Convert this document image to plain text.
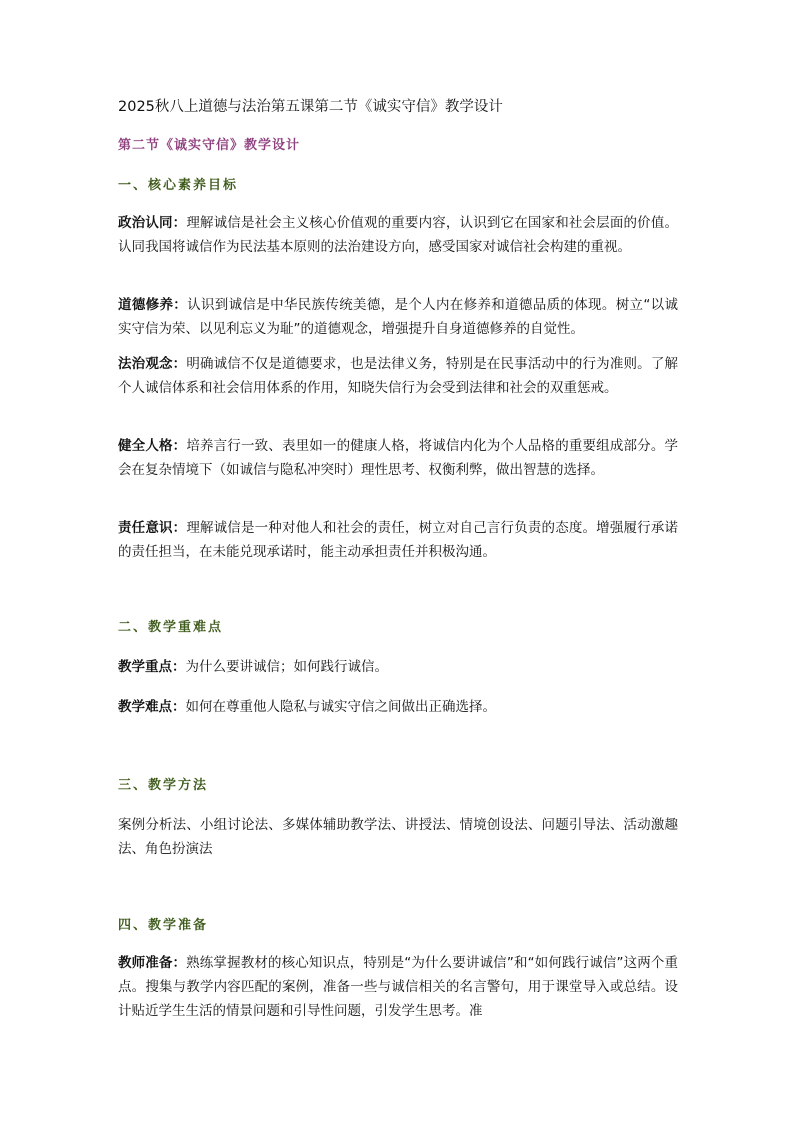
2025秋八上道德与法治第五课第二节《诚实守信》教学设计
第二节《诚实守信》教学设计
一、核心素养目标
政治认同：理解诚信是社会主义核心价值观的重要内容，认识到它在国家和社会层面的价值。认同我国将诚信作为民法基本原则的法治建设方向，感受国家对诚信社会构建的重视。
道德修养：认识到诚信是中华民族传统美德，是个人内在修养和道德品质的体现。树立“以诚实守信为荣、以见利忘义为耻”的道德观念，增强提升自身道德修养的自觉性。
法治观念：明确诚信不仅是道德要求，也是法律义务，特别是在民事活动中的行为准则。了解个人诚信体系和社会信用体系的作用，知晓失信行为会受到法律和社会的双重惩戒。
健全人格：培养言行一致、表里如一的健康人格，将诚信内化为个人品格的重要组成部分。学会在复杂情境下（如诚信与隐私冲突时）理性思考、权衡利弊，做出智慧的选择。
责任意识：理解诚信是一种对他人和社会的责任，树立对自己言行负责的态度。增强履行承诺的责任担当，在未能兑现承诺时，能主动承担责任并积极沟通。
二、教学重难点
教学重点：为什么要讲诚信；如何践行诚信。
教学难点：如何在尊重他人隐私与诚实守信之间做出正确选择。
三、教学方法
案例分析法、小组讨论法、多媒体辅助教学法、讲授法、情境创设法、问题引导法、活动激趣法、角色扮演法
四、教学准备
教师准备：熟练掌握教材的核心知识点，特别是“为什么要讲诚信”和“如何践行诚信”这两个重点。搜集与教学内容匹配的案例，准备一些与诚信相关的名言警句，用于课堂导入或总结。设计贴近学生生活的情景问题和引导性问题，引发学生思考。准
